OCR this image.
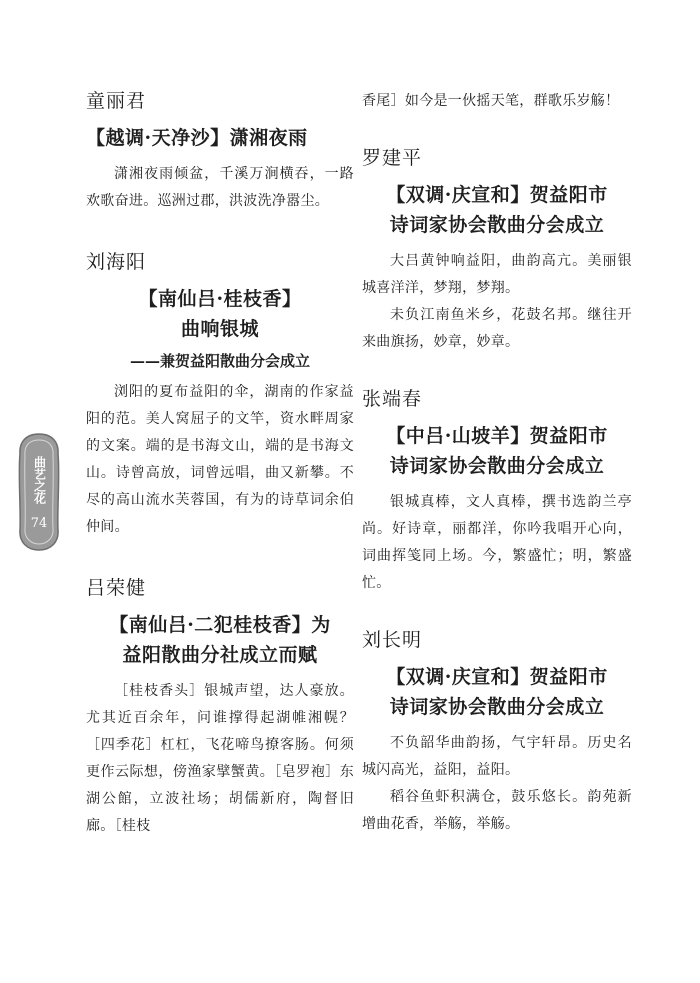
曲艺之花
74
童丽君
【越调·天净沙】潇湘夜雨

潇湘夜雨倾盆，千溪万涧横吞，一路欢歌奋进。巡洲过郡，洪波洗净嚣尘。

刘海阳
【南仙吕·桂枝香】
曲响银城
——兼贺益阳散曲分会成立

浏阳的夏布益阳的伞，湖南的作家益阳的范。美人窝屈子的文竿，资水畔周家的文案。端的是书海文山，端的是书海文山。诗曾高放，词曾远唱，曲又新攀。不尽的高山流水芙蓉国，有为的诗草词余伯仲间。

吕荣健
【南仙吕·二犯桂枝香】为
益阳散曲分社成立而赋

［桂枝香头］银城声望，达人豪放。尤其近百余年，问谁撑得起湖帷湘幌？［四季花］杠杠，飞花啼鸟撩客肠。何须更作云际想，傍渔家擘蟹黄。［皂罗袍］东湖公館，立波社场；胡儒新府，陶督旧廊。［桂枝

香尾］如今是一伙摇天笔，群歌乐岁觞！

罗建平
【双调·庆宣和】贺益阳市
诗词家协会散曲分会成立

大吕黄钟响益阳，曲韵高亢。美丽银城喜洋洋，梦翔，梦翔。

未负江南鱼米乡，花鼓名邦。继往开来曲旗扬，妙章，妙章。

张端春
【中吕·山坡羊】贺益阳市
诗词家协会散曲分会成立

银城真棒，文人真棒，撰书选韵兰亭尚。好诗章，丽都洋，你吟我唱开心向，词曲挥笺同上场。今，繁盛忙；明，繁盛忙。

刘长明
【双调·庆宣和】贺益阳市
诗词家协会散曲分会成立

不负韶华曲韵扬，气宇轩昂。历史名城闪高光，益阳，益阳。

稻谷鱼虾积满仓，鼓乐悠长。韵苑新增曲花香，举觞，举觞。
